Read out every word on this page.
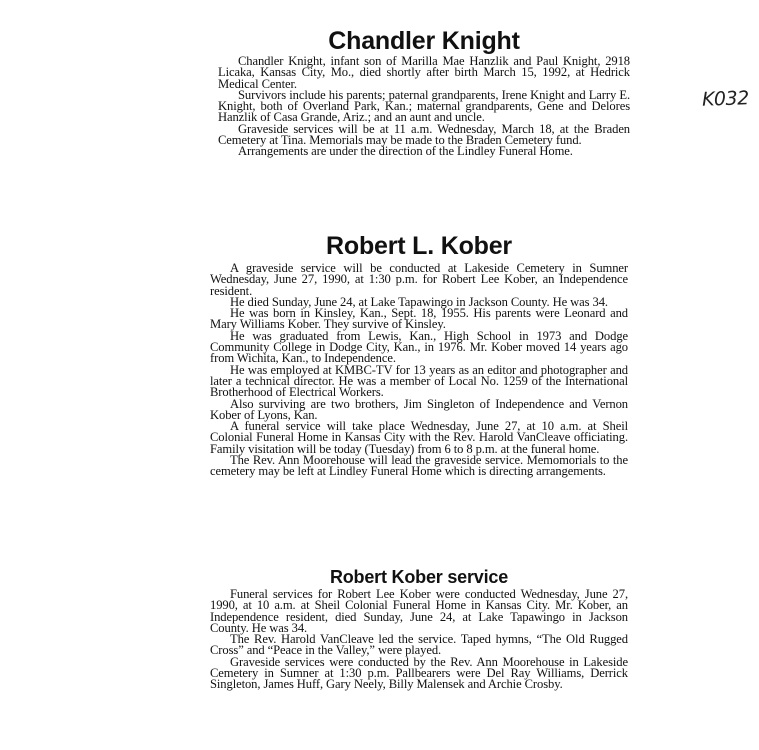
Chandler Knight

Chandler Knight, infant son of Marilla Mae Hanzlik and Paul Knight, 2918 Licaka, Kansas City, Mo., died shortly after birth March 15, 1992, at Hedrick Medical Center.

Survivors include his parents; paternal grandparents, Irene Knight and Larry E. Knight, both of Overland Park, Kan.; maternal grandparents, Gene and Delores Hanzlik of Casa Grande, Ariz.; and an aunt and uncle.

Graveside services will be at 11 a.m. Wednesday, March 18, at the Braden Cemetery at Tina. Memorials may be made to the Braden Cemetery fund.

Arrangements are under the direction of the Lindley Funeral Home.

K032
Robert L. Kober

A graveside service will be conducted at Lakeside Cemetery in Sumner Wednesday, June 27, 1990, at 1:30 p.m. for Robert Lee Kober, an Independence resident.

He died Sunday, June 24, at Lake Tapawingo in Jackson County. He was 34.

He was born in Kinsley, Kan., Sept. 18, 1955. His parents were Leonard and Mary Williams Kober. They survive of Kinsley.

He was graduated from Lewis, Kan., High School in 1973 and Dodge Community College in Dodge City, Kan., in 1976. Mr. Kober moved 14 years ago from Wichita, Kan., to Independence.

He was employed at KMBC-TV for 13 years as an editor and photographer and later a technical director. He was a member of Local No. 1259 of the International Brotherhood of Electrical Workers.

Also surviving are two brothers, Jim Singleton of Independence and Vernon Kober of Lyons, Kan.

A funeral service will take place Wednesday, June 27, at 10 a.m. at Sheil Colonial Funeral Home in Kansas City with the Rev. Harold VanCleave officiating. Family visitation will be today (Tuesday) from 6 to 8 p.m. at the funeral home.

The Rev. Ann Moorehouse will lead the graveside service. Memomorials to the cemetery may be left at Lindley Funeral Home which is directing arrangements.

Robert Kober service

Funeral services for Robert Lee Kober were conducted Wednesday, June 27, 1990, at 10 a.m. at Sheil Colonial Funeral Home in Kansas City. Mr. Kober, an Independence resident, died Sunday, June 24, at Lake Tapawingo in Jackson County. He was 34.

The Rev. Harold VanCleave led the service. Taped hymns, “The Old Rugged Cross” and “Peace in the Valley,” were played.

Graveside services were conducted by the Rev. Ann Moorehouse in Lakeside Cemetery in Sumner at 1:30 p.m. Pallbearers were Del Ray Williams, Derrick Singleton, James Huff, Gary Neely, Billy Malensek and Archie Crosby.
